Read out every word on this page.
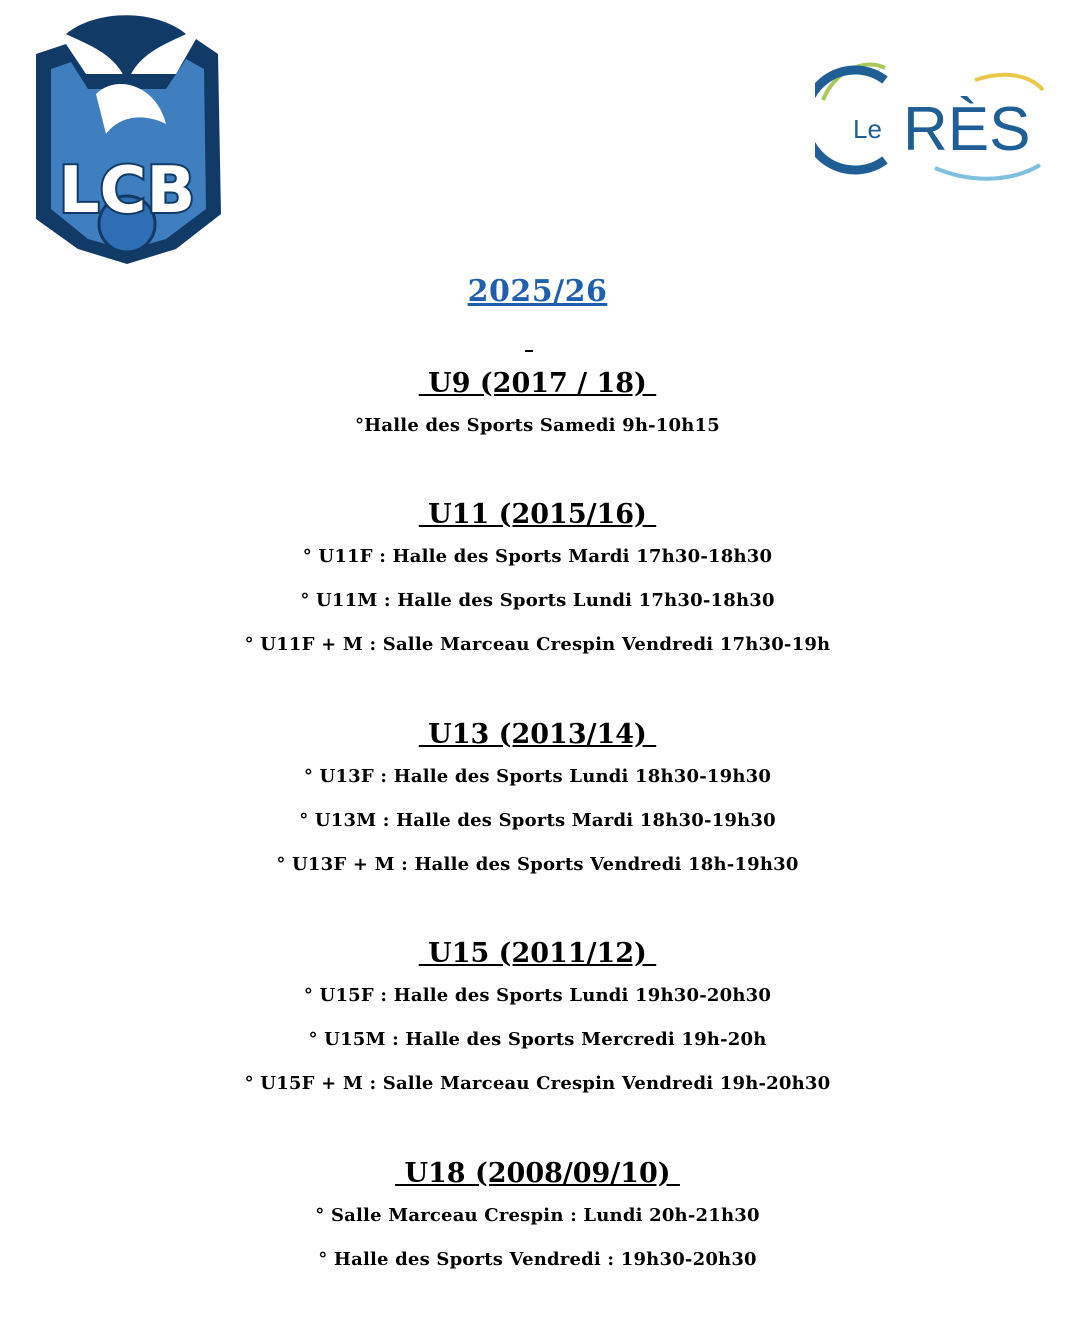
LCB
Le RÈS
2025/26
U9 (2017 / 18)
°Halle des Sports Samedi 9h-10h15
U11 (2015/16)
° U11F : Halle des Sports Mardi 17h30-18h30
° U11M : Halle des Sports Lundi 17h30-18h30
° U11F + M : Salle Marceau Crespin Vendredi 17h30-19h
U13 (2013/14)
° U13F : Halle des Sports Lundi 18h30-19h30
° U13M : Halle des Sports Mardi 18h30-19h30
° U13F + M : Halle des Sports Vendredi 18h-19h30
U15 (2011/12)
° U15F : Halle des Sports Lundi 19h30-20h30
° U15M : Halle des Sports Mercredi 19h-20h
° U15F + M : Salle Marceau Crespin Vendredi 19h-20h30
U18 (2008/09/10)
° Salle Marceau Crespin : Lundi 20h-21h30
° Halle des Sports Vendredi : 19h30-20h30
